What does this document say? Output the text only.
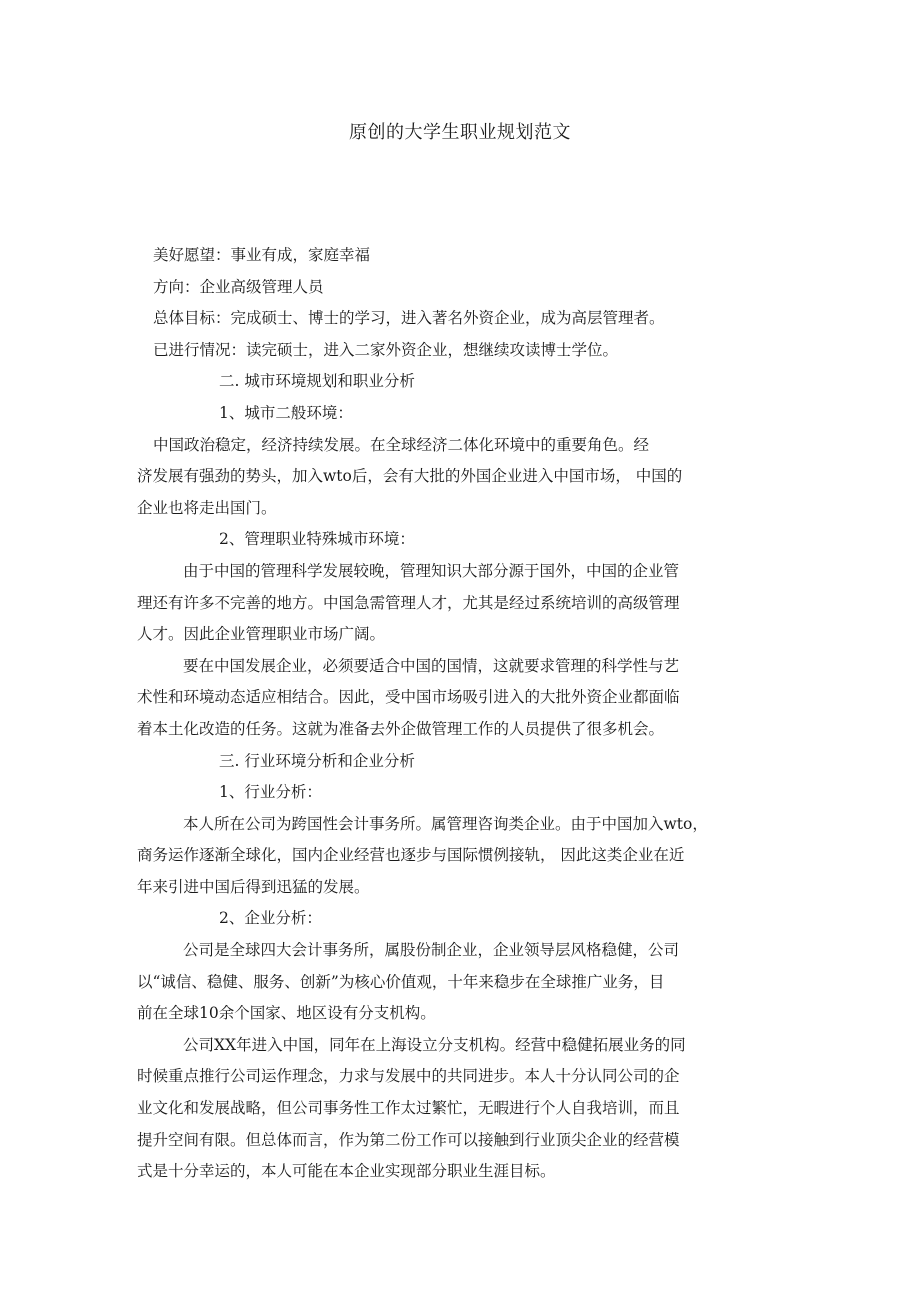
原创的大学生职业规划范文

美好愿望：事业有成，家庭幸福

方向：企业高级管理人员

总体目标：完成硕士、博士的学习，进入著名外资企业，成为高层管理者。

已进行情况：读完硕士，进入二家外资企业，想继续攻读博士学位。

二. 城市环境规划和职业分析

1、城市二般环境：

中国政治稳定，经济持续发展。在全球经济二体化环境中的重要角色。经

济发展有强劲的势头，加入wto后，会有大批的外国企业进入中国市场， 中国的

企业也将走出国门。

2、管理职业特殊城市环境：

由于中国的管理科学发展较晚，管理知识大部分源于国外，中国的企业管

理还有许多不完善的地方。中国急需管理人才，尤其是经过系统培训的高级管理

人才。因此企业管理职业市场广阔。

要在中国发展企业，必须要适合中国的国情，这就要求管理的科学性与艺

术性和环境动态适应相结合。因此，受中国市场吸引进入的大批外资企业都面临

着本土化改造的任务。这就为准备去外企做管理工作的人员提供了很多机会。

三. 行业环境分析和企业分析

1、行业分析：

本人所在公司为跨国性会计事务所。属管理咨询类企业。由于中国加入wto，

商务运作逐渐全球化，国内企业经营也逐步与国际惯例接轨， 因此这类企业在近

年来引进中国后得到迅猛的发展。

2、企业分析：

公司是全球四大会计事务所，属股份制企业，企业领导层风格稳健，公司

以“诚信、稳健、服务、创新”为核心价值观，十年来稳步在全球推广业务，目

前在全球10余个国家、地区设有分支机构。

公司XX年进入中国，同年在上海设立分支机构。经营中稳健拓展业务的同

时候重点推行公司运作理念，力求与发展中的共同进步。本人十分认同公司的企

业文化和发展战略，但公司事务性工作太过繁忙，无暇进行个人自我培训，而且

提升空间有限。但总体而言，作为第二份工作可以接触到行业顶尖企业的经营模

式是十分幸运的，本人可能在本企业实现部分职业生涯目标。
